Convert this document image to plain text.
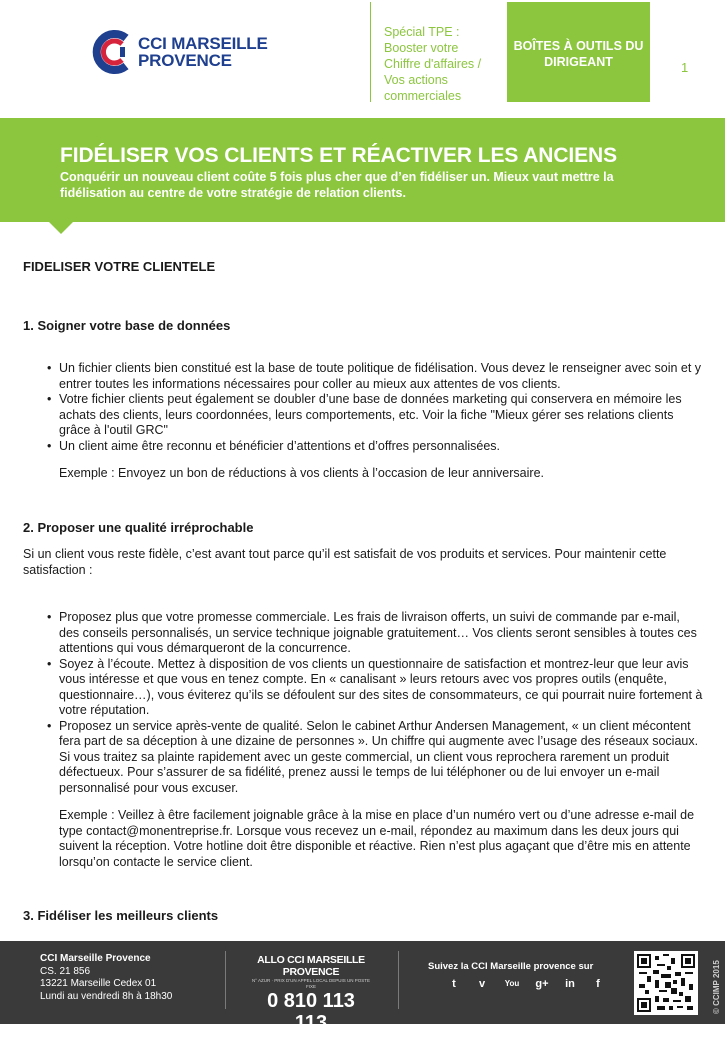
CCI MARSEILLE
PROVENCE
Spécial TPE : Booster votre Chiffre d'affaires / Vos actions commerciales
BOÎTES À OUTILS DU DIRIGEANT	1
FIDÉLISER VOS CLIENTS ET RÉACTIVER LES ANCIENS
Conquérir un nouveau client coûte 5 fois plus cher que d’en fidéliser un. Mieux vaut mettre la fidélisation au centre de votre stratégie de relation clients.
FIDELISER VOTRE CLIENTELE
1. Soigner votre base de données
• Un fichier clients bien constitué est la base de toute politique de fidélisation. Vous devez le renseigner avec soin et y entrer toutes les informations nécessaires pour coller au mieux aux attentes de vos clients.
• Votre fichier clients peut également se doubler d’une base de données marketing qui conservera en mémoire les achats des clients, leurs coordonnées, leurs comportements, etc. Voir la fiche "Mieux gérer ses relations clients grâce à l'outil GRC"
• Un client aime être reconnu et bénéficier d’attentions et d’offres personnalisées.

Exemple : Envoyez un bon de réductions à vos clients à l’occasion de leur anniversaire.

2. Proposer une qualité irréprochable

Si un client vous reste fidèle, c’est avant tout parce qu’il est satisfait de vos produits et services. Pour maintenir cette satisfaction :

• Proposez plus que votre promesse commerciale. Les frais de livraison offerts, un suivi de commande par e-mail, des conseils personnalisés, un service technique joignable gratuitement… Vos clients seront sensibles à toutes ces attentions qui vous démarqueront de la concurrence.
• Soyez à l’écoute. Mettez à disposition de vos clients un questionnaire de satisfaction et montrez-leur que leur avis vous intéresse et que vous en tenez compte. En « canalisant » leurs retours avec vos propres outils (enquête, questionnaire…), vous éviterez qu’ils se défoulent sur des sites de consommateurs, ce qui pourrait nuire fortement à votre réputation.
• Proposez un service après-vente de qualité. Selon le cabinet Arthur Andersen Management, « un client mécontent fera part de sa déception à une dizaine de personnes ». Un chiffre qui augmente avec l’usage des réseaux sociaux. Si vous traitez sa plainte rapidement avec un geste commercial, un client vous reprochera rarement un produit défectueux. Pour s’assurer de sa fidélité, prenez aussi le temps de lui téléphoner ou de lui envoyer un e-mail personnalisé pour vous excuser.

Exemple : Veillez à être facilement joignable grâce à la mise en place d’un numéro vert ou d’une adresse e-mail de type contact@monentreprise.fr. Lorsque vous recevez un e-mail, répondez au maximum dans les deux jours qui suivent la réception. Votre hotline doit être disponible et réactive. Rien n’est plus agaçant que d’être mis en attente lorsqu’on contacte le service client.

3. Fidéliser les meilleurs clients
CCI Marseille Provence
CS. 21 856
13221 Marseille Cedex 01
Lundi au vendredi 8h à 18h30
ALLO CCI MARSEILLE PROVENCE
N° AZUR · PRIX D'UN APPEL LOCAL DEPUIS UN POSTE FIXE
0 810 113 113
WWW.CCIMP.COM
Suivez la CCI Marseille provence sur
t	v	You g+ in	f	© CCIMP 2015
